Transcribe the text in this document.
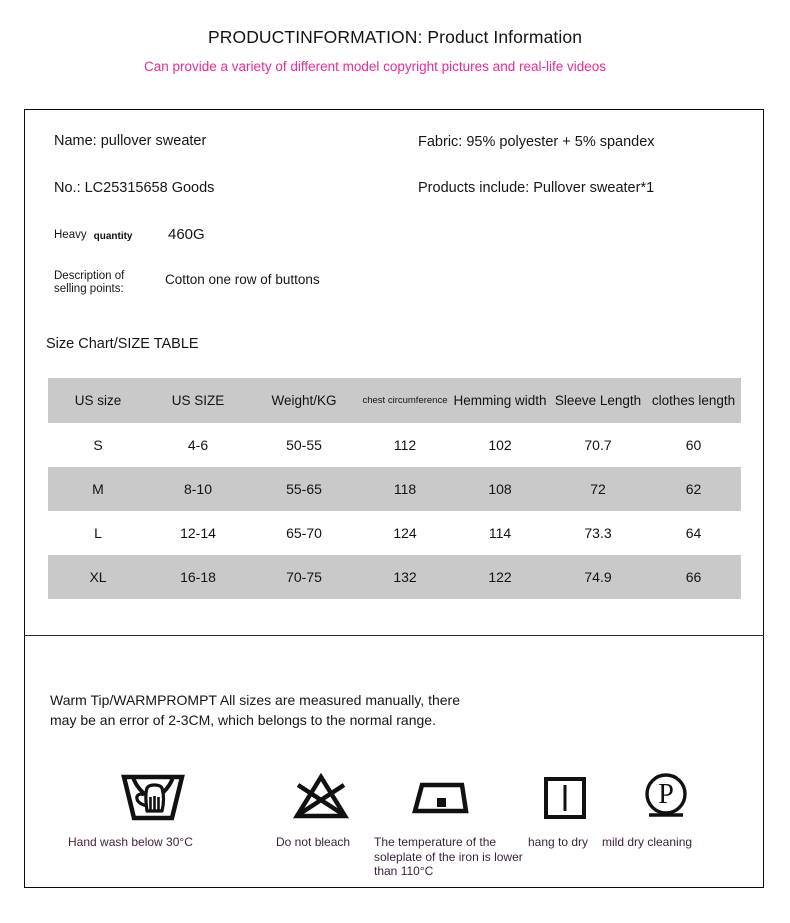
PRODUCTINFORMATION: Product Information
Can provide a variety of different model copyright pictures and real-life videos
Name: pullover sweater
No.: LC25315658 Goods
Fabric: 95% polyester + 5% spandex
Products include: Pullover sweater*1
Heavy quantity
:
460G
Description of
selling points:
Cotton one row of buttons
Size Chart/SIZE TABLE
US size	US SIZE	Weight/KG	chest circumference	Hemming width	Sleeve Length	clothes length
S	4-6	50-55	112	102	70.7	60
M	8-10	55-65	118	108	72	62
L	12-14	65-70	124	114	73.3	64
XL	16-18	70-75	132	122	74.9	66
Warm Tip/WARMPROMPT All sizes are measured manually, there may be an error of 2-3CM, which belongs to the normal range.
Hand wash below 30°C	Do not bleach	The temperature of the soleplate of the iron is lower than 110°C
hang to dry
P
mild dry cleaning
